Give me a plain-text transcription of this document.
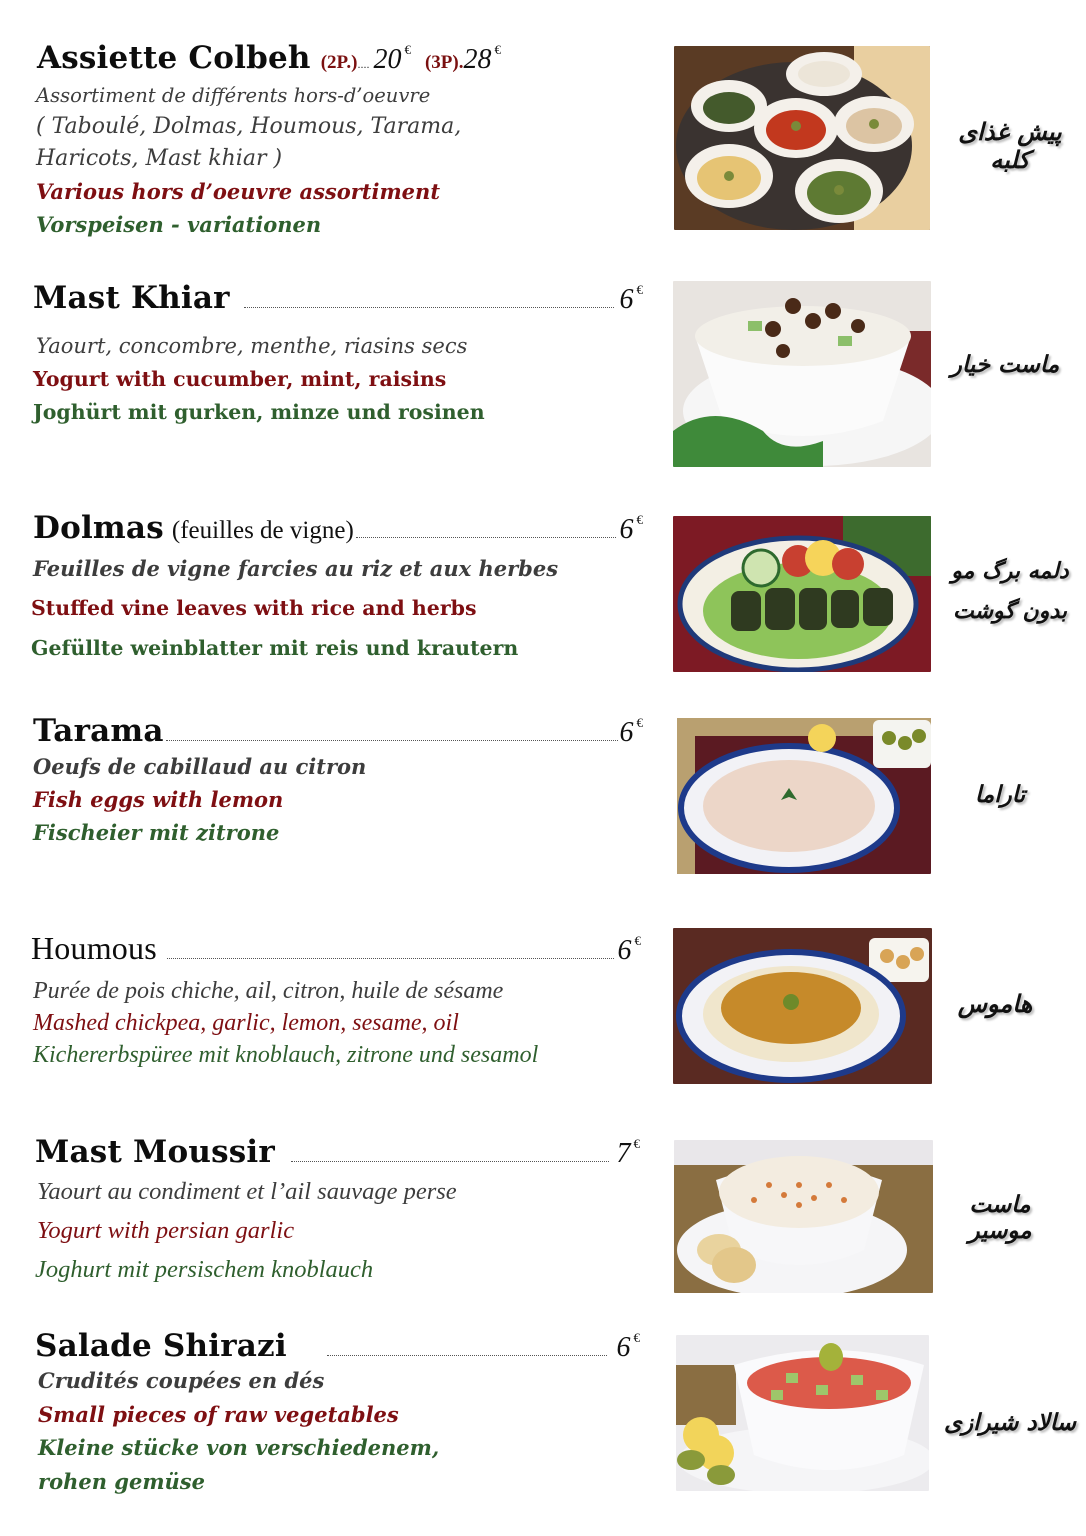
Assiette Colbeh (2P.) .... 20 €
(3P). 28 €
Assortiment de différents hors-d’oeuvre
( Taboulé, Dolmas, Houmous, Tarama,
Haricots, Mast khiar )
Various hors d’oeuvre assortiment
Vorspeisen - variationen
پیش غذای کلبه
Mast Khiar	6 €
Yaourt, concombre, menthe, riasins secs
Yogurt with cucumber, mint, raisins
Joghürt mit gurken, minze und rosinen
ماست خیار
Dolmas (feuilles de vigne)	6 €
Feuilles de vigne farcies au riz et aux herbes
Stuffed vine leaves with rice and herbs
Gefüllte weinblatter mit reis und krautern
دلمه برگ مو
بدون گوشت
Tarama	6 €
Oeufs de cabillaud au citron
Fish eggs with lemon
Fischeier mit zitrone
تاراما
Houmous	6 €
Purée de pois chiche, ail, citron, huile de sésame
Mashed chickpea, garlic, lemon, sesame, oil
Kichererbspüree mit knoblauch, zitrone und sesamol
هاموس
Mast Moussir	7 €
Yaourt au condiment et l’ail sauvage perse
Yogurt with persian garlic
Joghurt mit persischem knoblauch
ماست موسیر
Salade Shirazi	6 €
Crudités coupées en dés
Small pieces of raw vegetables
Kleine stücke von verschiedenem,
rohen gemüse
سالاد شیرازی
